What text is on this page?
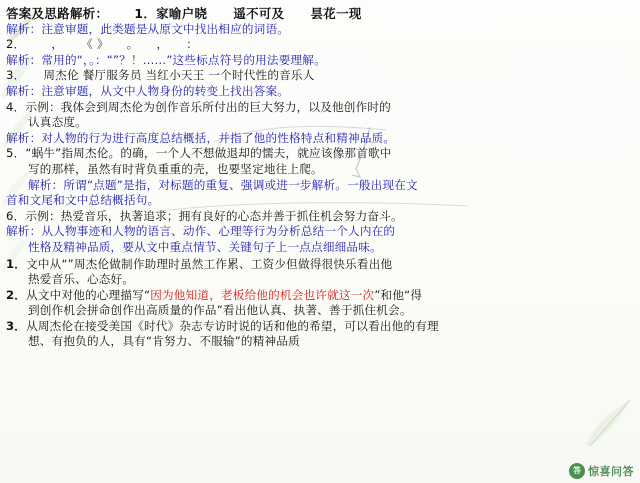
答案及思路解析： 1．家喻户晓 遥不可及 昙花一现
解析：注意审题，此类题是从原文中找出相应的词语。
2． ， 《 》 。 ， ：
解析：常用的“，。：“”？！……”这些标点符号的用法要理解。
3． 周杰伦 餐厅服务员 当红小天王 一个时代性的音乐人
解析：注意审题，从文中人物身份的转变上找出答案。
4．示例：我体会到周杰伦为创作音乐所付出的巨大努力，以及他创作时的
认真态度。
解析：对人物的行为进行高度总结概括，并指了他的性格特点和精神品质。
5．“蜗牛”指周杰伦。的确，一个人不想做退却的懦夫，就应该像那首歌中
写的那样，虽然有时背负重重的壳，也要坚定地往上爬。
解析：所谓“点题”是指，对标题的重复、强调或进一步解析。一般出现在文
首和文尾和文中总结概括句。
6．示例：热爱音乐，执著追求；拥有良好的心态并善于抓住机会努力奋斗。
解析：从人物事迹和人物的语言、动作、心理等行为分析总结一个人内在的
性格及精神品质，要从文中重点情节、关键句子上一点点细细品味。
1．文中从“”周杰伦做制作助理时虽然工作累、工资少但做得很快乐看出他
热爱音乐、心态好。
2．从文中对他的心理描写“因为他知道，老板给他的机会也许就这一次”和他“得
到创作机会拼命创作出高质量的作品”看出他认真、执著、善于抓住机会。
3．从周杰伦在接受美国《时代》杂志专访时说的话和他的希望，可以看出他的有理
想、有抱负的人，具有“肯努力、不服输”的精神品质
答 惊喜问答
